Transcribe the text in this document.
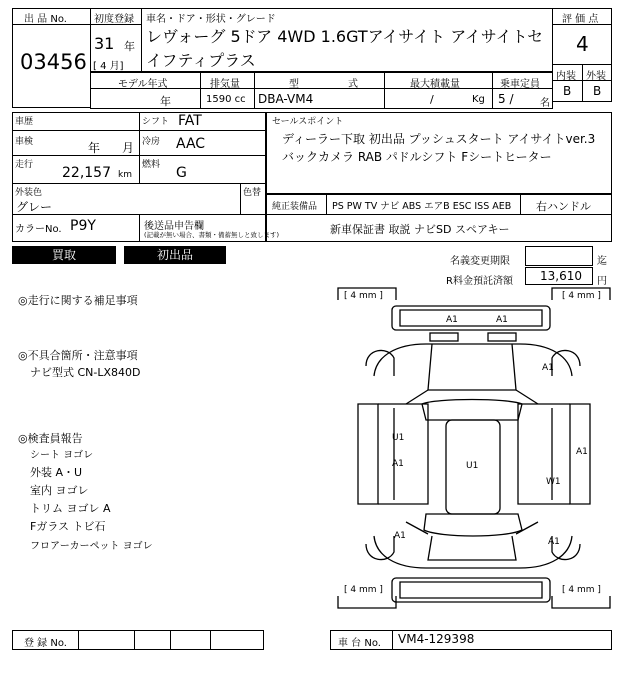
出 品 No.
03456
初度登録
31 年
[ 4 月]
車名・ドア・形状・グレード
レヴォーグ 5ドア 4WD 1.6GTアイサイト アイサイトセ
イフティプラス
評 価 点
4
内装 外装
B B
モデル年式
年
排気量
1590 cc
型	式
DBA-VM4
最大積載量
/	Kg
乗車定員
5 /	名
車歴
車検	年 月
走行 22,157 km
シフト FAT
冷房 AAC
燃料 G
外装色
グレー
色替
カラーNo. P9Y	後送品申告欄
(記載が無い場合、書類・備蓄無しと致します)
セールスポイント
ディーラー下取 初出品 プッシュスタート アイサイトver.3
バックカメラ RAB パドルシフト Fシートヒーター
純正装備品 PS PW TV ナビ ABS エアB ESC ISS AEB 右ハンドル
新車保証書 取説 ナビSD スペアキー
買取	初出品	名義変更期限	迄
R料金預託済額 13,610 円
◎走行に関する補足事項
◎不具合箇所・注意事項
ナビ型式 CN-LX840D
◎検査員報告
シート ヨゴレ
外装 A・U
室内 ヨゴレ
トリム ヨゴレ A
Fガラス トビ石
フロアーカーペット ヨゴレ
[ 4 mm ]	[ 4 mm ]
[ 4 mm ]	[ 4 mm ]
A1	A1
A1
U1
A1	U1
A1
W1
A1
A1
登 録 No.	車 台 No. VM4-129398
